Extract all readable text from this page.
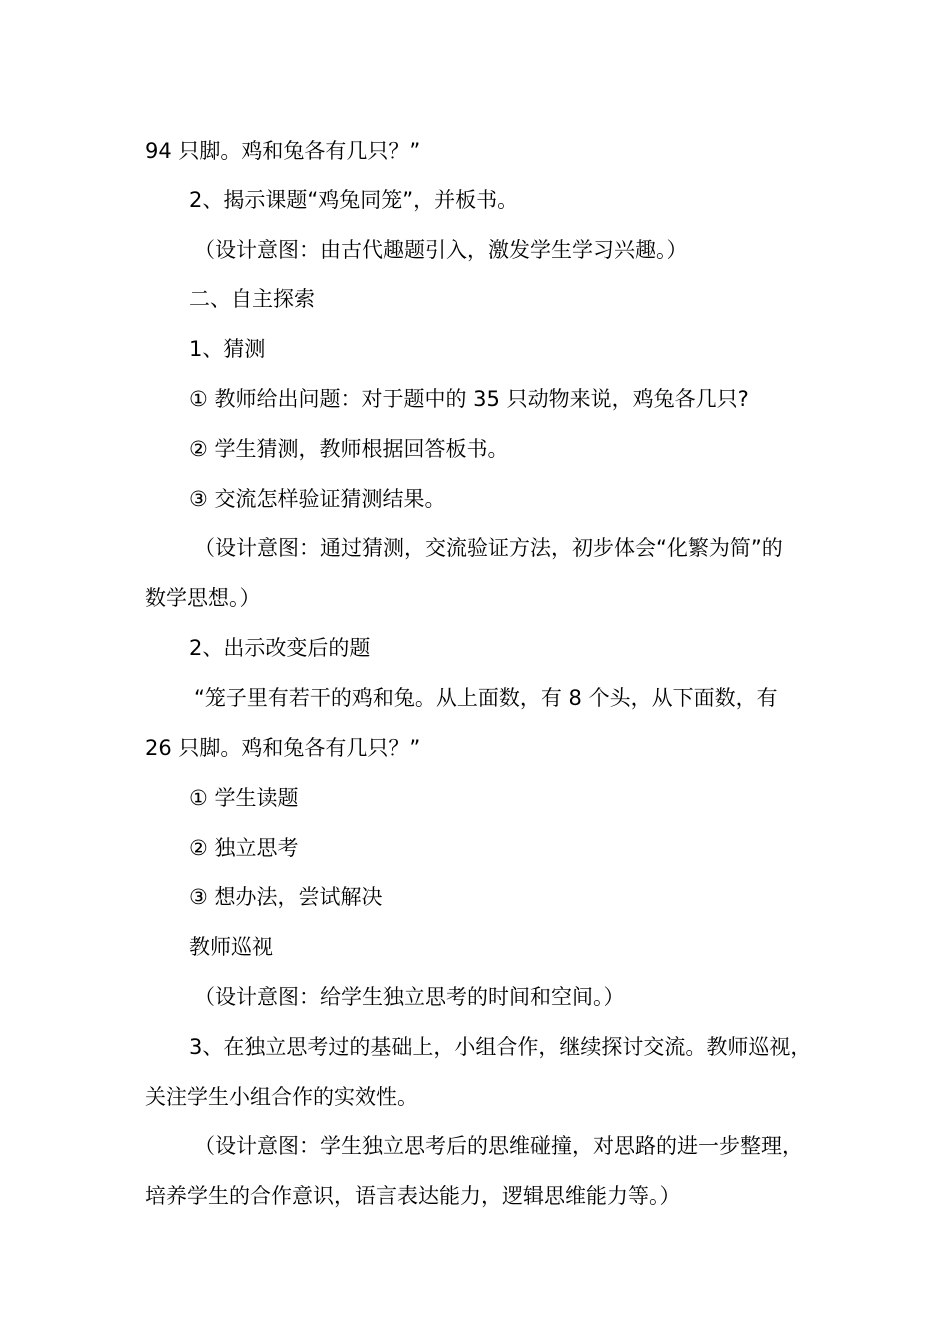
94 只脚。鸡和兔各有几只？”
2、揭示课题“鸡兔同笼”，并板书。
（设计意图：由古代趣题引入，激发学生学习兴趣。）
二、自主探索
1、猜测
① 教师给出问题：对于题中的 35 只动物来说，鸡兔各几只?
② 学生猜测，教师根据回答板书。
③ 交流怎样验证猜测结果。
（设计意图：通过猜测，交流验证方法，初步体会“化繁为简”的
数学思想。）
2、出示改变后的题
“笼子里有若干的鸡和兔。从上面数，有 8 个头，从下面数，有
26 只脚。鸡和兔各有几只？”
① 学生读题
② 独立思考
③ 想办法，尝试解决
教师巡视
（设计意图：给学生独立思考的时间和空间。）
3、在独立思考过的基础上，小组合作，继续探讨交流。教师巡视，
关注学生小组合作的实效性。
（设计意图：学生独立思考后的思维碰撞，对思路的进一步整理，
培养学生的合作意识，语言表达能力，逻辑思维能力等。）
